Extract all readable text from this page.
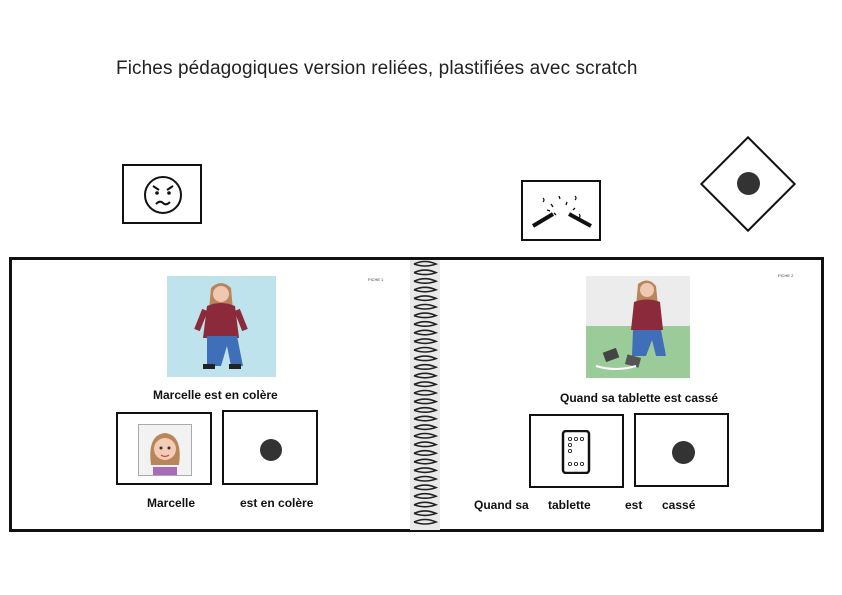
Fiches pédagogiques version reliées, plastifiées avec scratch
FICHE 1
Marcelle est en colère
Marcelle	est en colère
FICHE 2
Quand sa tablette est cassé
Quand sa tablette	est cassé
